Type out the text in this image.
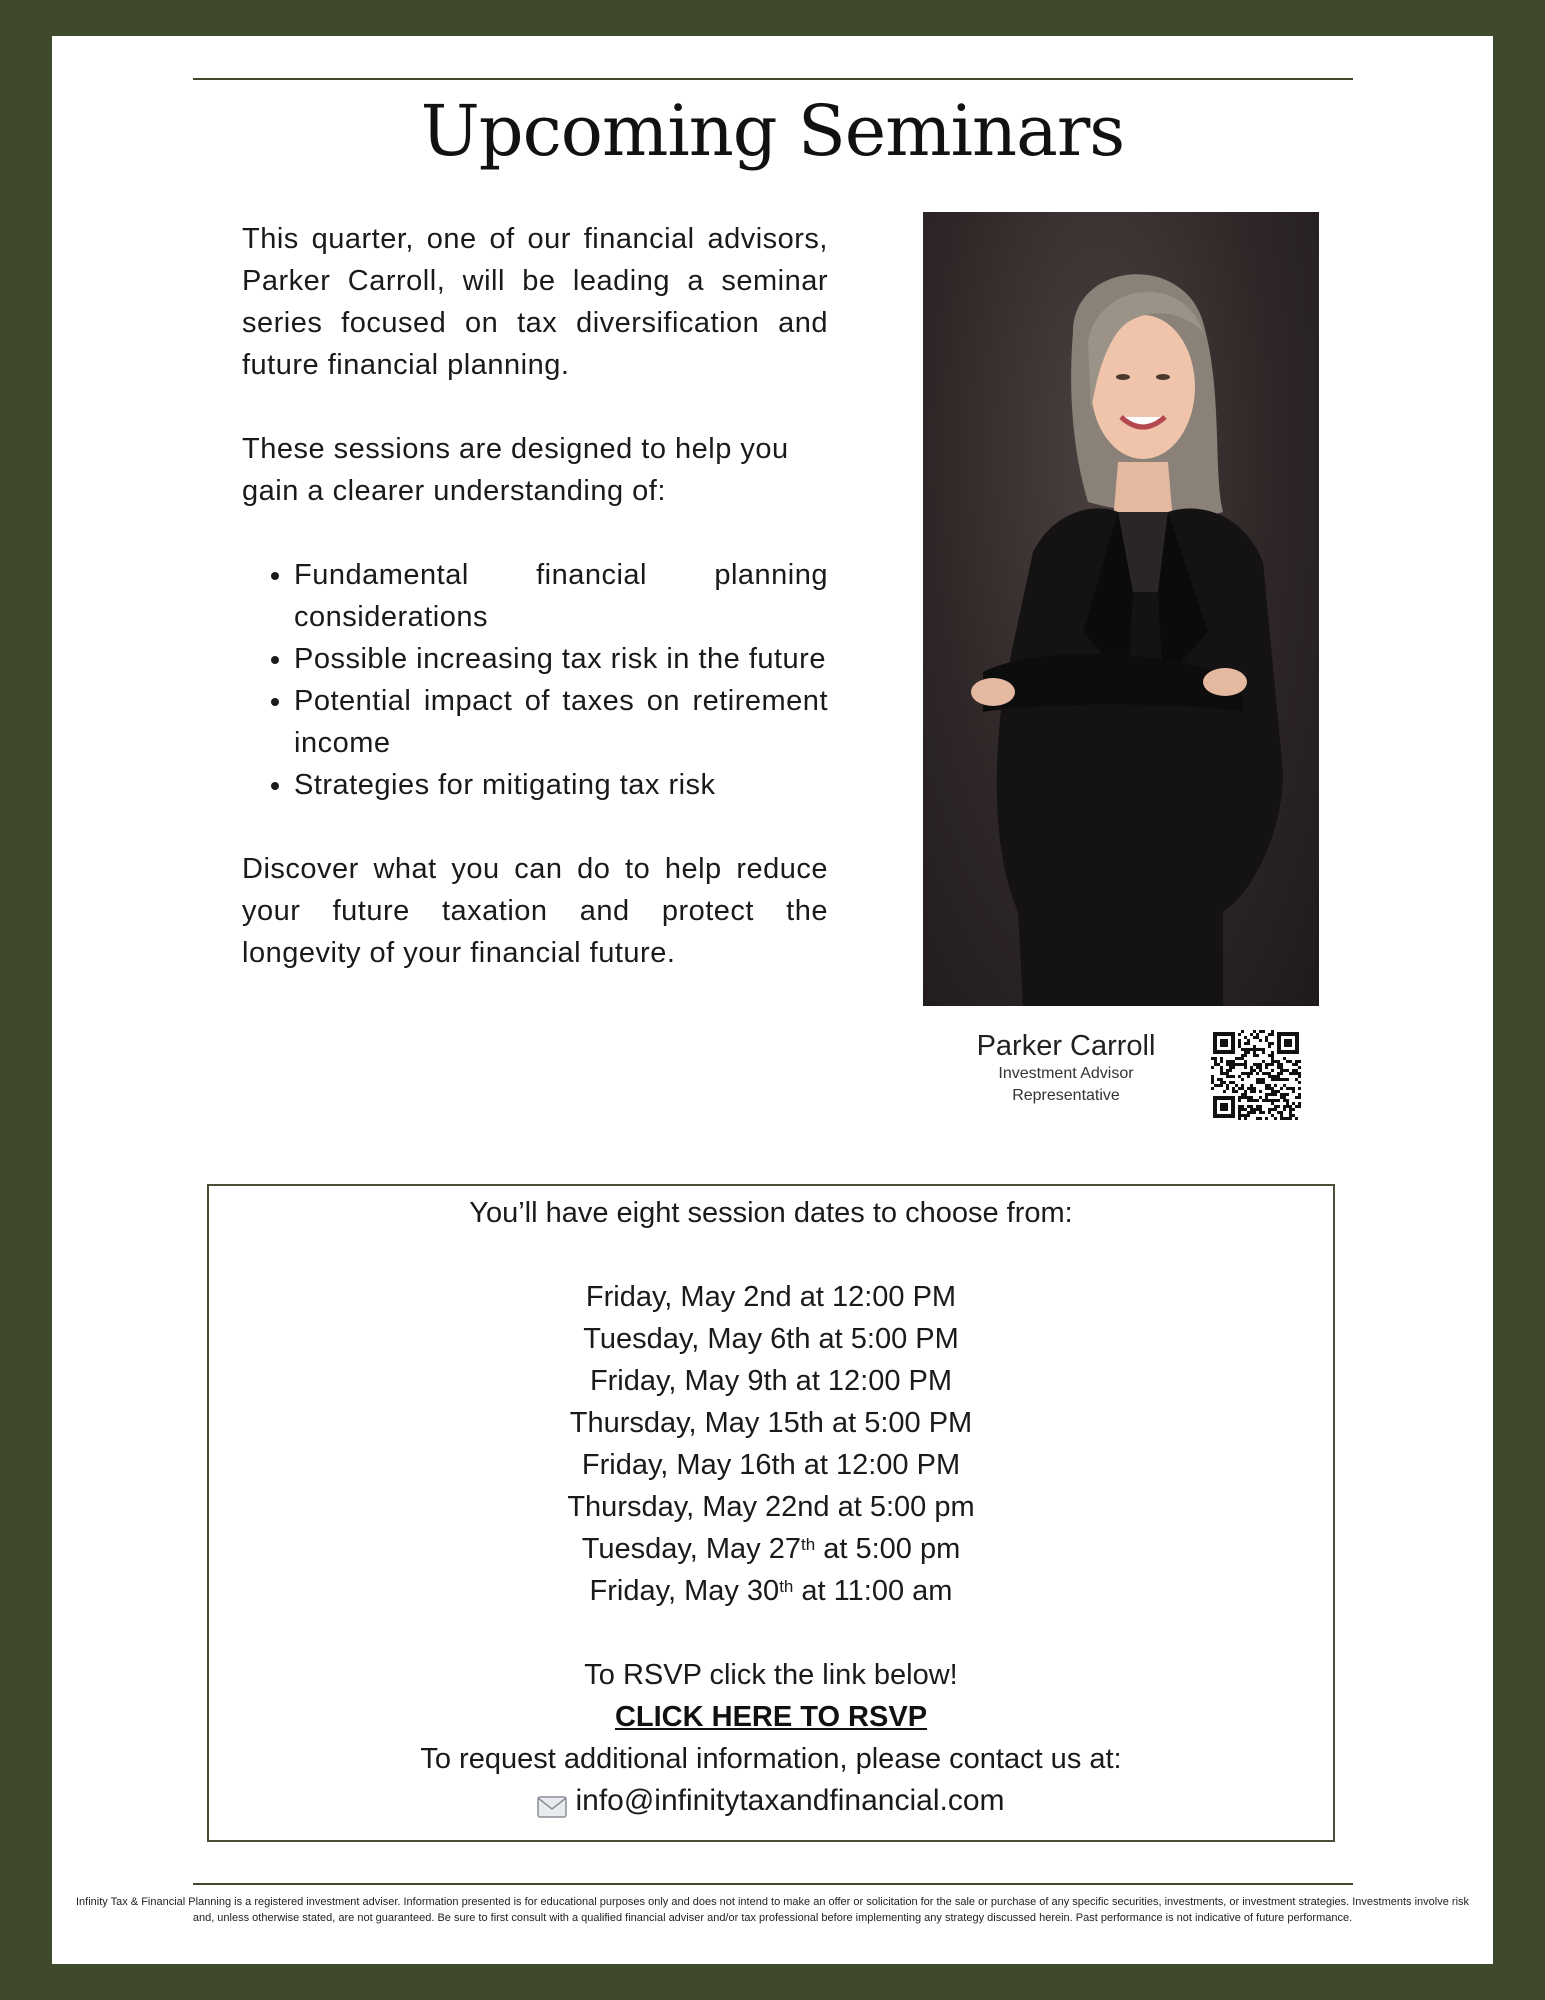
Upcoming Seminars

This quarter, one of our financial advisors, Parker Carroll, will be leading a seminar series focused on tax diversification and future financial planning.

These sessions are designed to help you gain a clearer understanding of:

• Fundamental financial planning considerations
• Possible increasing tax risk in the future
• Potential impact of taxes on retirement income
• Strategies for mitigating tax risk

Discover what you can do to help reduce your future taxation and protect the longevity of your financial future.

Parker Carroll
Investment Advisor
Representative
You’ll have eight session dates to choose from:
Friday, May 2nd at 12:00 PM
Tuesday, May 6th at 5:00 PM
Friday, May 9th at 12:00 PM
Thursday, May 15th at 5:00 PM
Friday, May 16th at 12:00 PM
Thursday, May 22nd at 5:00 pm
Tuesday, May 27th at 5:00 pm
Friday, May 30th at 11:00 am
To RSVP click the link below!
CLICK HERE TO RSVP
To request additional information, please contact us at:
info@infinitytaxandfinancial.com
Infinity Tax & Financial Planning is a registered investment adviser. Information presented is for educational purposes only and does not intend to make an offer or solicitation for the sale or purchase of any specific securities, investments, or investment strategies. Investments involve risk and, unless otherwise stated, are not guaranteed. Be sure to first consult with a qualified financial adviser and/or tax professional before implementing any strategy discussed herein. Past performance is not indicative of future performance.
